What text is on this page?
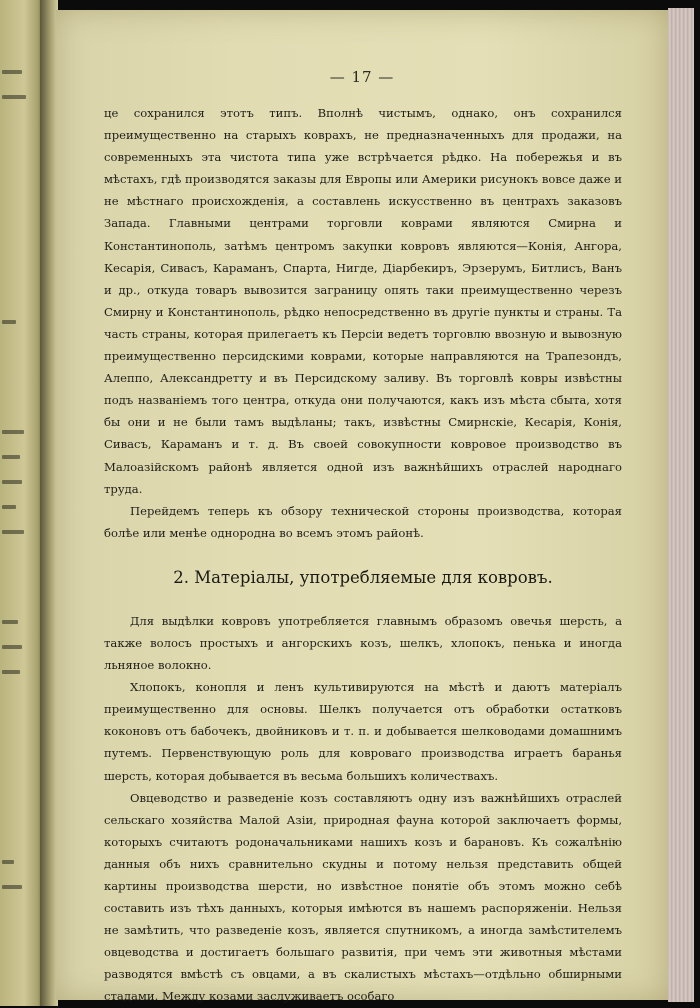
— 17 —

це сохранился этотъ типъ. Вполнѣ чистымъ, однако, онъ сохранился преимущественно на старыхъ коврахъ, не предназначенныхъ для продажи, на современныхъ эта чистота типа уже встрѣчается рѣдко. На побережья и въ мѣстахъ, гдѣ производятся заказы для Европы или Америки рисунокъ вовсе даже и не мѣстнаго происхожденія, а составлень искусственно въ центрахъ заказовъ Запада. Главными центрами торговли коврами являются Смирна и Константинополь, затѣмъ центромъ закупки ковровъ являются—Конія, Ангора, Кесарія, Сивасъ, Караманъ, Спарта, Нигде, Діарбекиръ, Эрзерумъ, Битлисъ, Ванъ и др., откуда товаръ вывозится заграницу опять таки преимущественно черезъ Смирну и Константинополь, рѣдко непосредственно въ другіе пункты и страны. Та часть страны, которая прилегаетъ къ Персіи ведетъ торговлю ввозную и вывозную преимущественно персидскими коврами, которые направляются на Трапезондъ, Алеппо, Александретту и въ Персидскому заливу. Въ торговлѣ ковры извѣстны подъ названіемъ того центра, откуда они получаются, какъ изъ мѣста сбыта, хотя бы они и не были тамъ выдѣланы; такъ, извѣстны Смирнскіе, Кесарія, Конія, Сивасъ, Караманъ и т. д. Въ своей совокупности ковровое производство въ Малоазійскомъ районѣ является одной изъ важнѣйшихъ отраслей народнаго труда.

Перейдемъ теперь къ обзору технической стороны производства, которая болѣе или менѣе однородна во всемъ этомъ районѣ.

2. Матеріалы, употребляемые для ковровъ.

Для выдѣлки ковровъ употребляется главнымъ образомъ овечья шерсть, а также волосъ простыхъ и ангорскихъ козъ, шелкъ, хлопокъ, пенька и иногда льняное волокно.

Хлопокъ, конопля и ленъ культивируются на мѣстѣ и даютъ матеріалъ преимущественно для основы. Шелкъ получается отъ обработки остатковъ коконовъ отъ бабочекъ, двойниковъ и т. п. и добывается шелководами домашнимъ путемъ. Первенствующую роль для ковроваго производства играетъ баранья шерсть, которая добывается въ весьма большихъ количествахъ.

Овцеводство и разведеніе козъ составляютъ одну изъ важнѣйшихъ отраслей сельскаго хозяйства Малой Азіи, природная фауна которой заключаетъ формы, которыхъ считаютъ родоначальниками нашихъ козъ и барановъ. Къ сожалѣнію данныя объ нихъ сравнительно скудны и потому нельзя представить общей картины производства шерсти, но извѣстное понятіе объ этомъ можно себѣ составить изъ тѣхъ данныхъ, которыя имѣются въ нашемъ распоряженіи. Нельзя не замѣтить, что разведеніе козъ, является спутникомъ, а иногда замѣстителемъ овцеводства и достигаетъ большаго развитія, при чемъ эти животныя мѣстами разводятся вмѣстѣ съ овцами, а въ скалистыхъ мѣстахъ—отдѣльно обширными стадами. Между козами заслуживаетъ особаго
